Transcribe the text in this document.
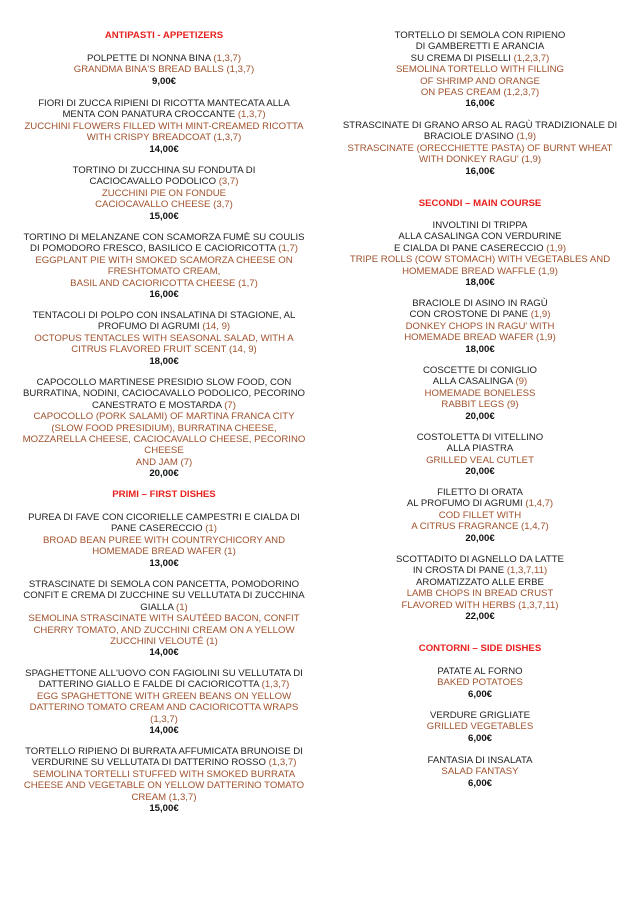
ANTIPASTI - APPETIZERS
POLPETTE DI NONNA BINA (1,3,7)
GRANDMA BINA'S BREAD BALLS (1,3,7)
9,00€
FIORI DI ZUCCA RIPIENI DI RICOTTA MANTECATA ALLA
MENTA CON PANATURA CROCCANTE (1,3,7)
ZUCCHINI FLOWERS FILLED WITH MINT-CREAMED RICOTTA
WITH CRISPY BREADCOAT (1,3,7)
14,00€
TORTINO DI ZUCCHINA SU FONDUTA DI
CACIOCAVALLO PODOLICO (3,7)
ZUCCHINI PIE ON FONDUE
CACIOCAVALLO CHEESE (3,7)
15,00€
TORTINO DI MELANZANE CON SCAMORZA FUMÈ SU COULIS
DI POMODORO FRESCO, BASILICO E CACIORICOTTA (1,7)
EGGPLANT PIE WITH SMOKED SCAMORZA CHEESE ON
FRESHTOMATO CREAM,
BASIL AND CACIORICOTTA CHEESE (1,7)
16,00€
TENTACOLI DI POLPO CON INSALATINA DI STAGIONE, AL
PROFUMO DI AGRUMI (14, 9)
OCTOPUS TENTACLES WITH SEASONAL SALAD, WITH A
CITRUS FLAVORED FRUIT SCENT (14, 9)
18,00€
CAPOCOLLO MARTINESE PRESIDIO SLOW FOOD, CON
BURRATINA, NODINI, CACIOCAVALLO PODOLICO, PECORINO
CANESTRATO E MOSTARDA (7)
CAPOCOLLO (PORK SALAMI) OF MARTINA FRANCA CITY
(SLOW FOOD PRESIDIUM), BURRATINA CHEESE,
MOZZARELLA CHEESE, CACIOCAVALLO CHEESE, PECORINO
CHEESE
AND JAM (7)
20,00€
PRIMI – FIRST DISHES
PUREA DI FAVE CON CICORIELLE CAMPESTRI E CIALDA DI
PANE CASERECCIO (1)
BROAD BEAN PUREE WITH COUNTRYCHICORY AND
HOMEMADE BREAD WAFER (1)
13,00€
STRASCINATE DI SEMOLA CON PANCETTA, POMODORINO
CONFIT E CREMA DI ZUCCHINE SU VELLUTATA DI ZUCCHINA
GIALLA (1)
SEMOLINA STRASCINATE WITH SAUTÉED BACON, CONFIT
CHERRY TOMATO, AND ZUCCHINI CREAM ON A YELLOW
ZUCCHINI VELOUTÉ (1)
14,00€
SPAGHETTONE ALL'UOVO CON FAGIOLINI SU VELLUTATA DI
DATTERINO GIALLO E FALDE DI CACIORICOTTA (1,3,7)
EGG SPAGHETTONE WITH GREEN BEANS ON YELLOW
DATTERINO TOMATO CREAM AND CACIORICOTTA WRAPS
(1,3,7)
14,00€
TORTELLO RIPIENO DI BURRATA AFFUMICATA BRUNOISE DI
VERDURINE SU VELLUTATA DI DATTERINO ROSSO (1,3,7)
SEMOLINA TORTELLI STUFFED WITH SMOKED BURRATA
CHEESE AND VEGETABLE ON YELLOW DATTERINO TOMATO
CREAM (1,3,7)
15,00€
TORTELLO DI SEMOLA CON RIPIENO
DI GAMBERETTI E ARANCIA
SU CREMA DI PISELLI (1,2,3,7)
SEMOLINA TORTELLO WITH FILLING
OF SHRIMP AND ORANGE
ON PEAS CREAM (1,2,3,7)
16,00€
STRASCINATE DI GRANO ARSO AL RAGÙ TRADIZIONALE DI
BRACIOLE D'ASINO (1,9)
STRASCINATE (ORECCHIETTE PASTA) OF BURNT WHEAT
WITH DONKEY RAGU' (1,9)
16,00€
SECONDI – MAIN COURSE
INVOLTINI DI TRIPPA
ALLA CASALINGA CON VERDURINE
E CIALDA DI PANE CASERECCIO (1,9)
TRIPE ROLLS (COW STOMACH) WITH VEGETABLES AND
HOMEMADE BREAD WAFFLE (1,9)
18,00€
BRACIOLE DI ASINO IN RAGÙ
CON CROSTONE DI PANE (1,9)
DONKEY CHOPS IN RAGU' WITH
HOMEMADE BREAD WAFER (1,9)
18,00€
COSCETTE DI CONIGLIO
ALLA CASALINGA (9)
HOMEMADE BONELESS
RABBIT LEGS (9)
20,00€
COSTOLETTA DI VITELLINO
ALLA PIASTRA
GRILLED VEAL CUTLET
20,00€
FILETTO DI ORATA
AL PROFUMO DI AGRUMI (1,4,7)
COD FILLET WITH
A CITRUS FRAGRANCE (1,4,7)
20,00€
SCOTTADITO DI AGNELLO DA LATTE
IN CROSTA DI PANE (1,3,7,11)
AROMATIZZATO ALLE ERBE
LAMB CHOPS IN BREAD CRUST
FLAVORED WITH HERBS (1,3,7,11)
22,00€
CONTORNI – SIDE DISHES
PATATE AL FORNO
BAKED POTATOES
6,00€
VERDURE GRIGLIATE
GRILLED VEGETABLES
6,00€
FANTASIA DI INSALATA
SALAD FANTASY
6,00€
